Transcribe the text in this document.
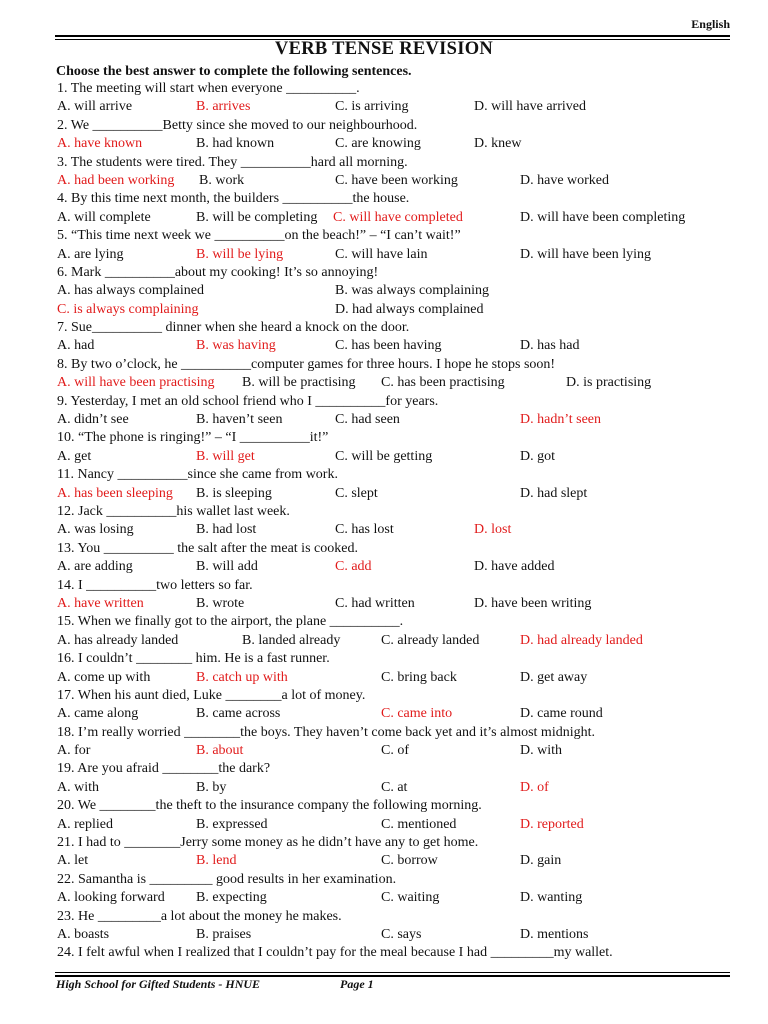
English
VERB TENSE REVISION
Choose the best answer to complete the following sentences.
1. The meeting will start when everyone __________.
A. will arrive	B. arrives	C. is arriving	D. will have arrived
2. We __________Betty since she moved to our neighbourhood.
A. have known	B. had known	C. are knowing	D. knew
3. The students were tired. They __________hard all morning.
A. had been working B. work	C. have been working	D. have worked
4. By this time next month, the builders __________the house.
A. will complete	B. will be completing C. will have completed	D. will have been completing
5. “This time next week we __________on the beach!” – “I can’t wait!”
A. are lying	B. will be lying	C. will have lain	D. will have been lying
6. Mark __________about my cooking! It’s so annoying!
A. has always complained	B. was always complaining
C. is always complaining	D. had always complained
7. Sue__________ dinner when she heard a knock on the door.
A. had	B. was having	C. has been having	D. has had
8. By two o’clock, he __________computer games for three hours. I hope he stops soon!
A. will have been practising B. will be practising C. has been practising	D. is practising
9. Yesterday, I met an old school friend who I __________for years.
A. didn’t see	B. haven’t seen	C. had seen	D. hadn’t seen
10. “The phone is ringing!” – “I __________it!”
A. get	B. will get	C. will be getting	D. got
11. Nancy __________since she came from work.
A. has been sleeping B. is sleeping	C. slept	D. had slept
12. Jack __________his wallet last week.
A. was losing	B. had lost	C. has lost	D. lost
13. You __________ the salt after the meat is cooked.
A. are adding	B. will add	C. add	D. have added
14. I __________two letters so far.
A. have written	B. wrote	C. had written	D. have been writing
15. When we finally got to the airport, the plane __________.
A. has already landed	B. landed already	C. already landed	D. had already landed
16. I couldn’t ________ him. He is a fast runner.
A. come up with	B. catch up with	C. bring back	D. get away
17. When his aunt died, Luke ________a lot of money.
A. came along	B. came across	C. came into	D. came round
18. I’m really worried ________the boys. They haven’t come back yet and it’s almost midnight.
A. for	B. about	C. of	D. with
19. Are you afraid ________the dark?
A. with	B. by	C. at	D. of
20. We ________the theft to the insurance company the following morning.
A. replied	B. expressed	C. mentioned	D. reported
21. I had to ________Jerry some money as he didn’t have any to get home.
A. let	B. lend	C. borrow	D. gain
22. Samantha is _________ good results in her examination.
A. looking forward B. expecting	C. waiting	D. wanting
23. He _________a lot about the money he makes.
A. boasts	B. praises	C. says	D. mentions
24. I felt awful when I realized that I couldn’t pay for the meal because I had _________my wallet.
High School for Gifted Students - HNUE	Page 1
